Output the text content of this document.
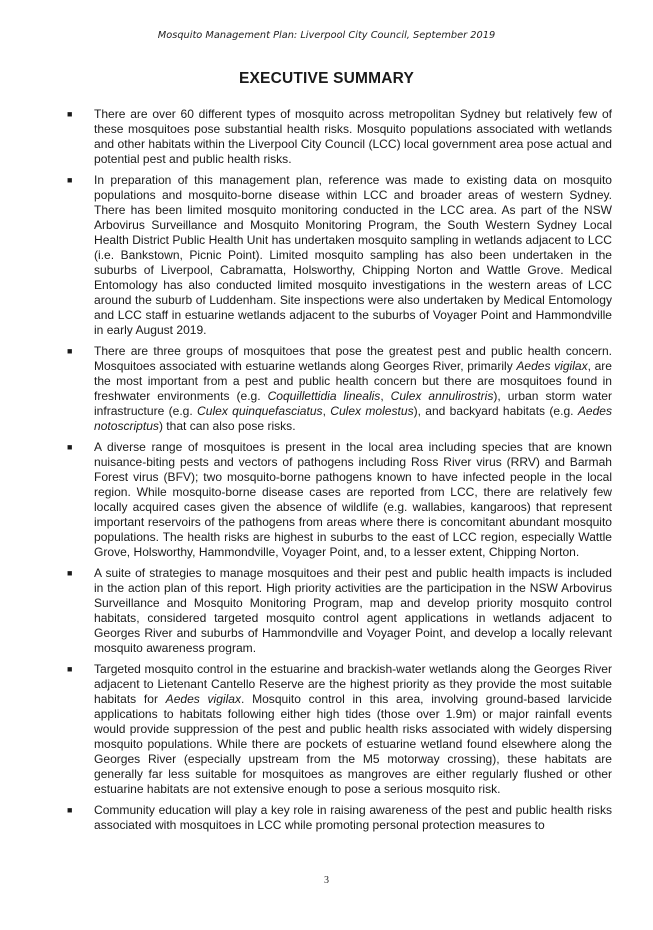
Mosquito Management Plan: Liverpool City Council, September 2019
EXECUTIVE SUMMARY
■ There are over 60 different types of mosquito across metropolitan Sydney but relatively few of these mosquitoes pose substantial health risks. Mosquito populations associated with wetlands and other habitats within the Liverpool City Council (LCC) local government area pose actual and potential pest and public health risks.
■ In preparation of this management plan, reference was made to existing data on mosquito populations and mosquito-borne disease within LCC and broader areas of western Sydney. There has been limited mosquito monitoring conducted in the LCC area. As part of the NSW Arbovirus Surveillance and Mosquito Monitoring Program, the South Western Sydney Local Health District Public Health Unit has undertaken mosquito sampling in wetlands adjacent to LCC (i.e. Bankstown, Picnic Point). Limited mosquito sampling has also been undertaken in the suburbs of Liverpool, Cabramatta, Holsworthy, Chipping Norton and Wattle Grove. Medical Entomology has also conducted limited mosquito investigations in the western areas of LCC around the suburb of Luddenham. Site inspections were also undertaken by Medical Entomology and LCC staff in estuarine wetlands adjacent to the suburbs of Voyager Point and Hammondville in early August 2019.
■ There are three groups of mosquitoes that pose the greatest pest and public health concern. Mosquitoes associated with estuarine wetlands along Georges River, primarily Aedes vigilax, are the most important from a pest and public health concern but there are mosquitoes found in freshwater environments (e.g. Coquillettidia linealis, Culex annulirostris), urban storm water infrastructure (e.g. Culex quinquefasciatus, Culex molestus), and backyard habitats (e.g. Aedes notoscriptus) that can also pose risks.
■ A diverse range of mosquitoes is present in the local area including species that are known nuisance-biting pests and vectors of pathogens including Ross River virus (RRV) and Barmah Forest virus (BFV); two mosquito-borne pathogens known to have infected people in the local region. While mosquito-borne disease cases are reported from LCC, there are relatively few locally acquired cases given the absence of wildlife (e.g. wallabies, kangaroos) that represent important reservoirs of the pathogens from areas where there is concomitant abundant mosquito populations. The health risks are highest in suburbs to the east of LCC region, especially Wattle Grove, Holsworthy, Hammondville, Voyager Point, and, to a lesser extent, Chipping Norton.
■ A suite of strategies to manage mosquitoes and their pest and public health impacts is included in the action plan of this report. High priority activities are the participation in the NSW Arbovirus Surveillance and Mosquito Monitoring Program, map and develop priority mosquito control habitats, considered targeted mosquito control agent applications in wetlands adjacent to Georges River and suburbs of Hammondville and Voyager Point, and develop a locally relevant mosquito awareness program.
■ Targeted mosquito control in the estuarine and brackish-water wetlands along the Georges River adjacent to Lietenant Cantello Reserve are the highest priority as they provide the most suitable habitats for Aedes vigilax. Mosquito control in this area, involving ground-based larvicide applications to habitats following either high tides (those over 1.9m) or major rainfall events would provide suppression of the pest and public health risks associated with widely dispersing mosquito populations. While there are pockets of estuarine wetland found elsewhere along the Georges River (especially upstream from the M5 motorway crossing), these habitats are generally far less suitable for mosquitoes as mangroves are either regularly flushed or other estuarine habitats are not extensive enough to pose a serious mosquito risk.
■ Community education will play a key role in raising awareness of the pest and public health risks associated with mosquitoes in LCC while promoting personal protection measures to
3
